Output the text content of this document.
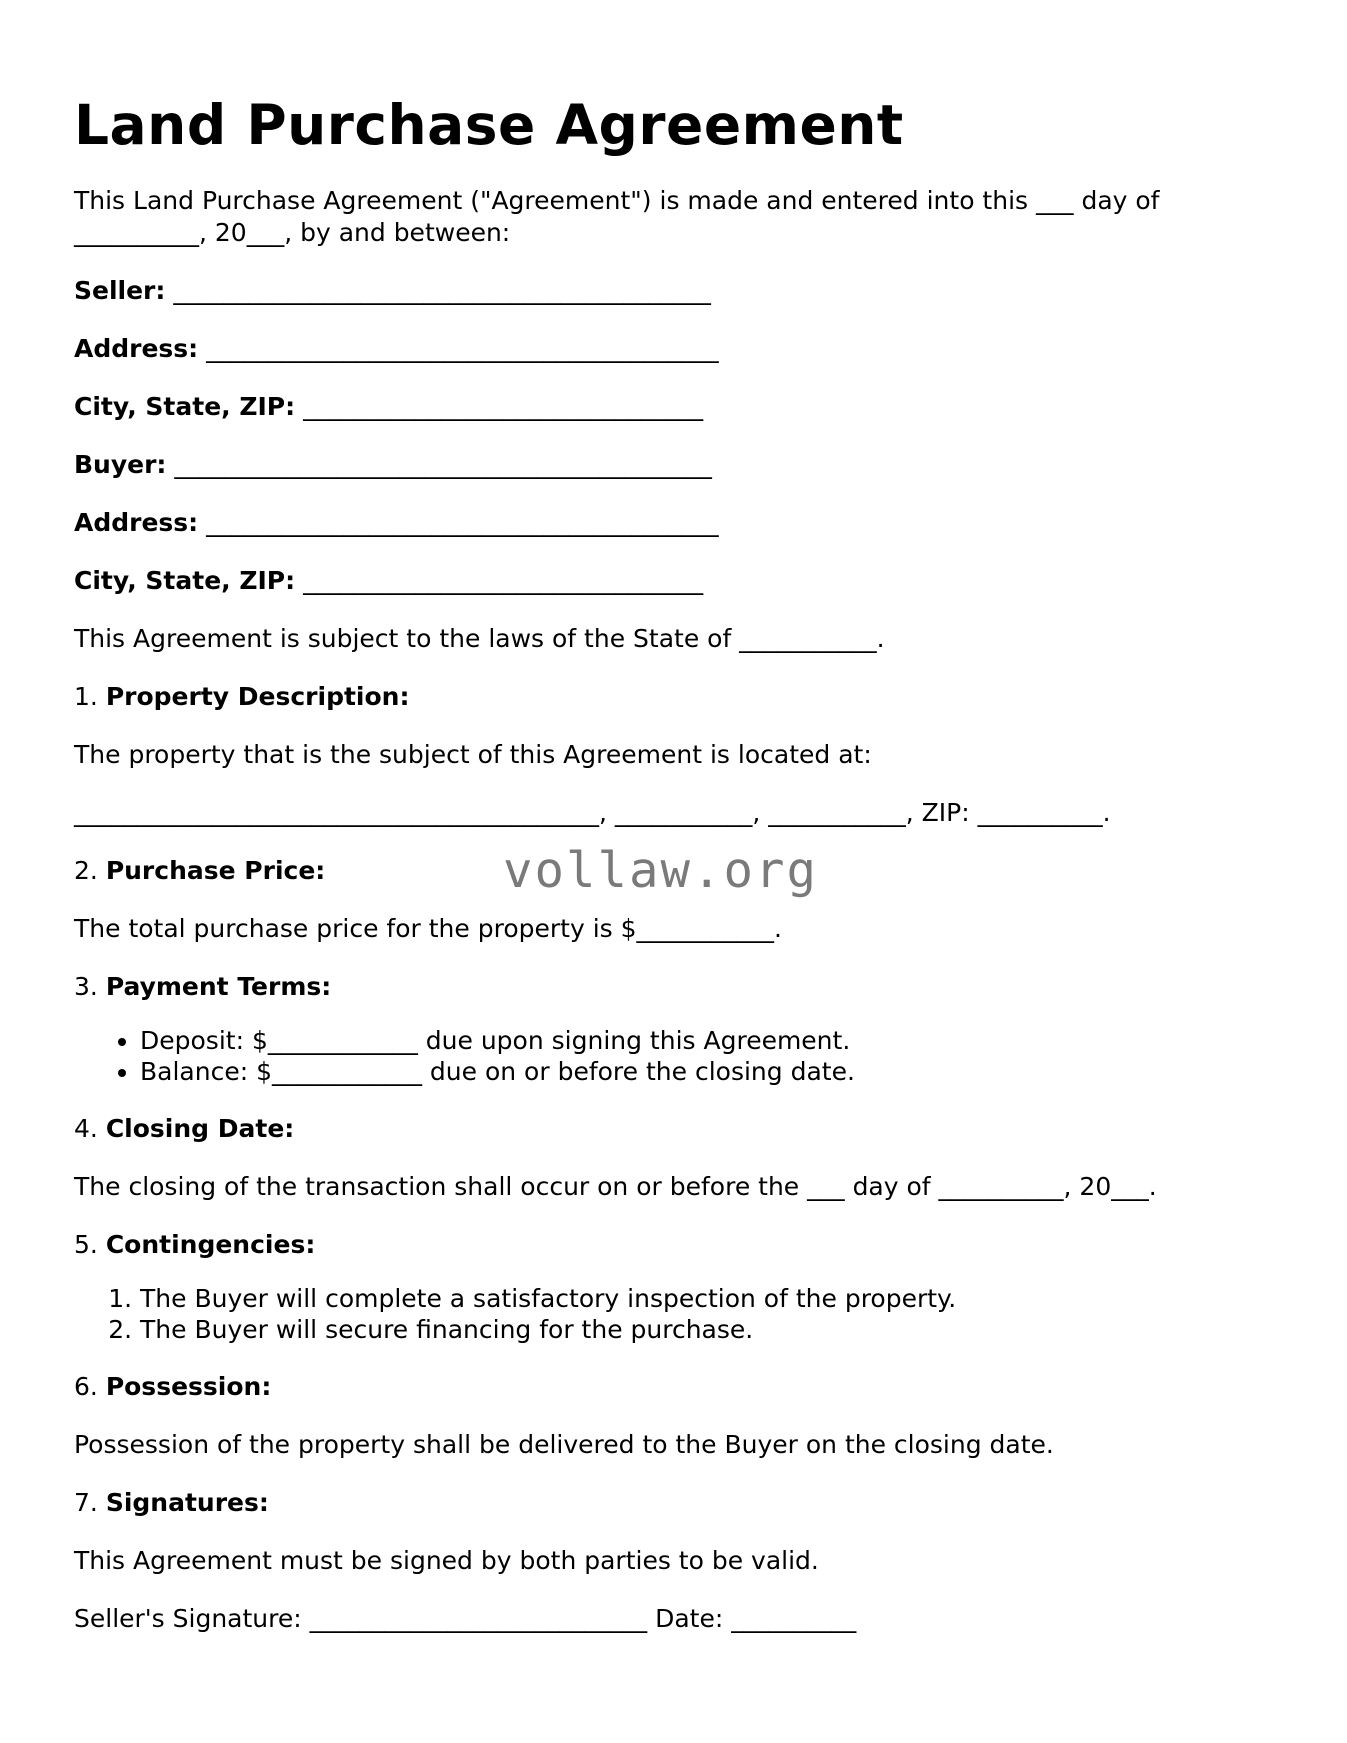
Land Purchase Agreement

This Land Purchase Agreement ("Agreement") is made and entered into this ___ day of __________, 20___, by and between:

Seller: ___________________________________________

Address: _________________________________________

City, State, ZIP: ________________________________

Buyer: ___________________________________________

Address: _________________________________________

City, State, ZIP: ________________________________

This Agreement is subject to the laws of the State of ___________.

1. Property Description:

The property that is the subject of this Agreement is located at:

__________________________________________, ___________, ___________, ZIP: __________.

2. Purchase Price:

The total purchase price for the property is $___________.

3. Payment Terms:

• Deposit: $____________ due upon signing this Agreement.
• Balance: $____________ due on or before the closing date.

4. Closing Date:

The closing of the transaction shall occur on or before the ___ day of __________, 20___.

5. Contingencies:

1. The Buyer will complete a satisfactory inspection of the property.
2. The Buyer will secure financing for the purchase.

6. Possession:

Possession of the property shall be delivered to the Buyer on the closing date.

7. Signatures:

This Agreement must be signed by both parties to be valid.

Seller's Signature: ___________________________ Date: __________

vollaw.org
